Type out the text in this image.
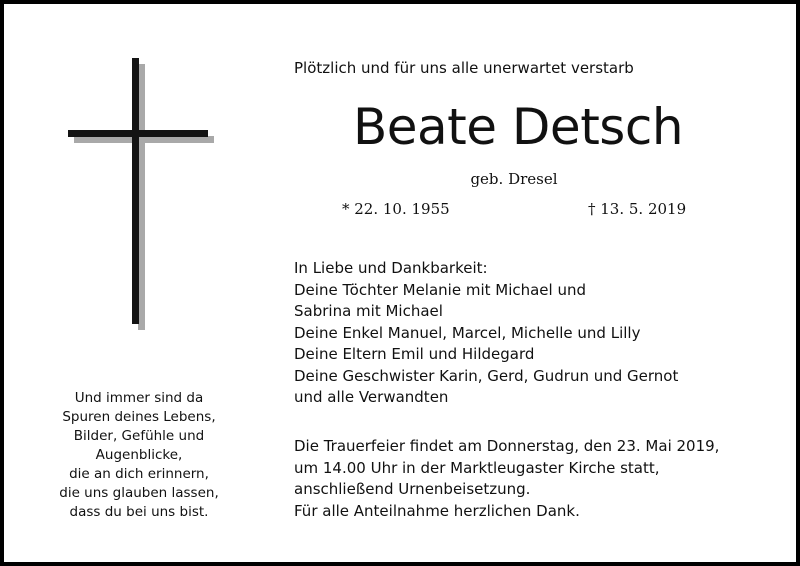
Und immer sind da
Spuren deines Lebens,
Bilder, Gefühle und
Augenblicke,
die an dich erinnern,
die uns glauben lassen,
dass du bei uns bist.
Plötzlich und für uns alle unerwartet verstarb
Beate Detsch
geb. Dresel
* 22. 10. 1955	† 13. 5. 2019
In Liebe und Dankbarkeit:
Deine Töchter Melanie mit Michael und
Sabrina mit Michael
Deine Enkel Manuel, Marcel, Michelle und Lilly
Deine Eltern Emil und Hildegard
Deine Geschwister Karin, Gerd, Gudrun und Gernot
und alle Verwandten
Die Trauerfeier findet am Donnerstag, den 23. Mai 2019,
um 14.00 Uhr in der Marktleugaster Kirche statt,
anschließend Urnenbeisetzung.
Für alle Anteilnahme herzlichen Dank.
